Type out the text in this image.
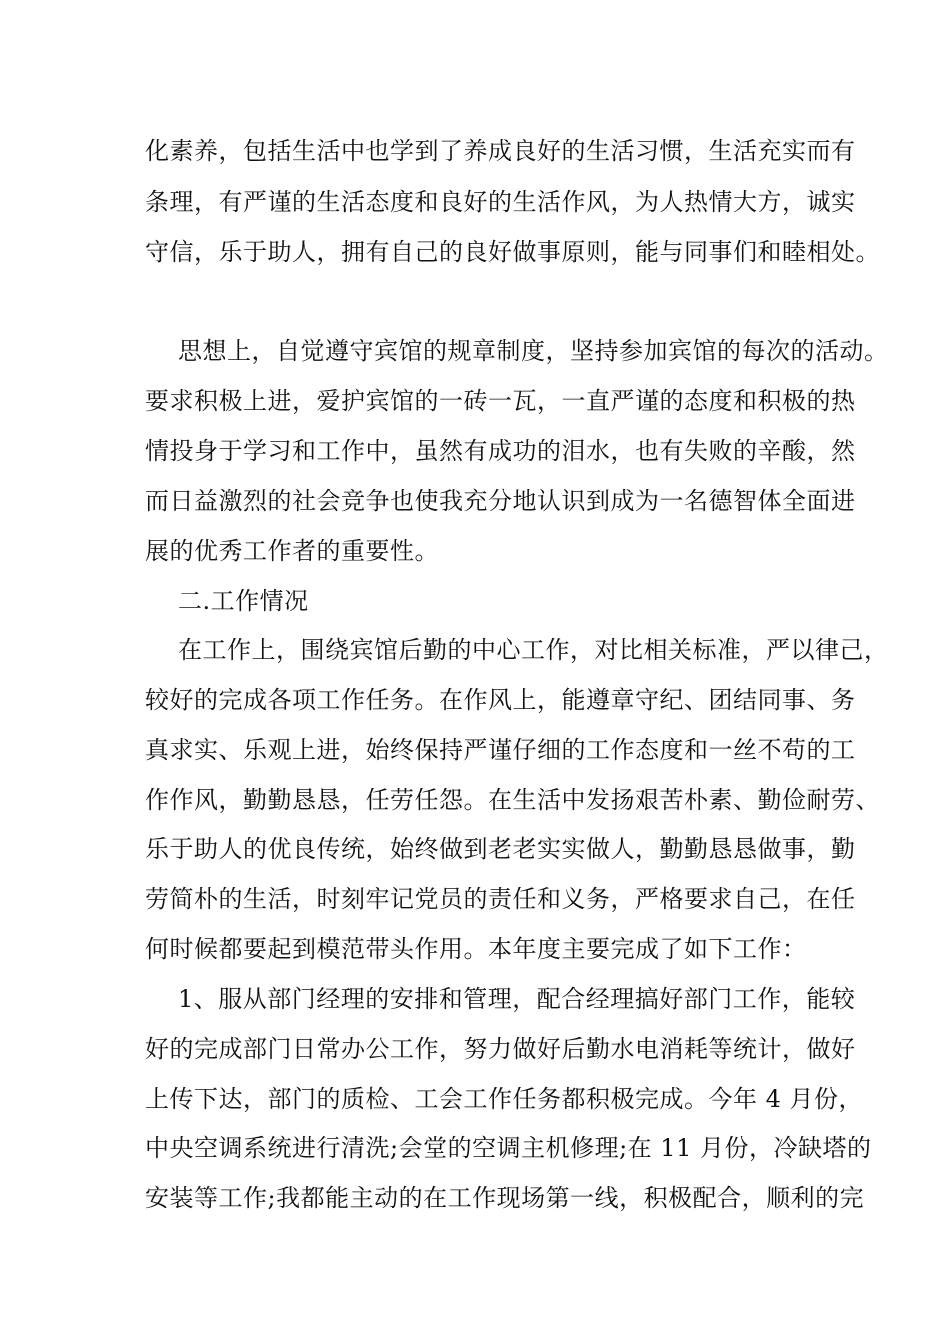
化素养，包括生活中也学到了养成良好的生活习惯，生活充实而有
条理，有严谨的生活态度和良好的生活作风，为人热情大方，诚实
守信，乐于助人，拥有自己的良好做事原则，能与同事们和睦相处。
思想上，自觉遵守宾馆的规章制度，坚持参加宾馆的每次的活动。
要求积极上进，爱护宾馆的一砖一瓦，一直严谨的态度和积极的热
情投身于学习和工作中，虽然有成功的泪水，也有失败的辛酸，然
而日益激烈的社会竞争也使我充分地认识到成为一名德智体全面进
展的优秀工作者的重要性。
二.工作情况
在工作上，围绕宾馆后勤的中心工作，对比相关标准，严以律己，
较好的完成各项工作任务。在作风上，能遵章守纪、团结同事、务
真求实、乐观上进，始终保持严谨仔细的工作态度和一丝不苟的工
作作风，勤勤恳恳，任劳任怨。在生活中发扬艰苦朴素、勤俭耐劳、
乐于助人的优良传统，始终做到老老实实做人，勤勤恳恳做事，勤
劳简朴的生活，时刻牢记党员的责任和义务，严格要求自己，在任
何时候都要起到模范带头作用。本年度主要完成了如下工作：
1、服从部门经理的安排和管理，配合经理搞好部门工作，能较
好的完成部门日常办公工作，努力做好后勤水电消耗等统计，做好
上传下达，部门的质检、工会工作任务都积极完成。今年 4 月份，
中央空调系统进行清洗;会堂的空调主机修理;在 11 月份，冷缺塔的
安装等工作;我都能主动的在工作现场第一线，积极配合，顺利的完
